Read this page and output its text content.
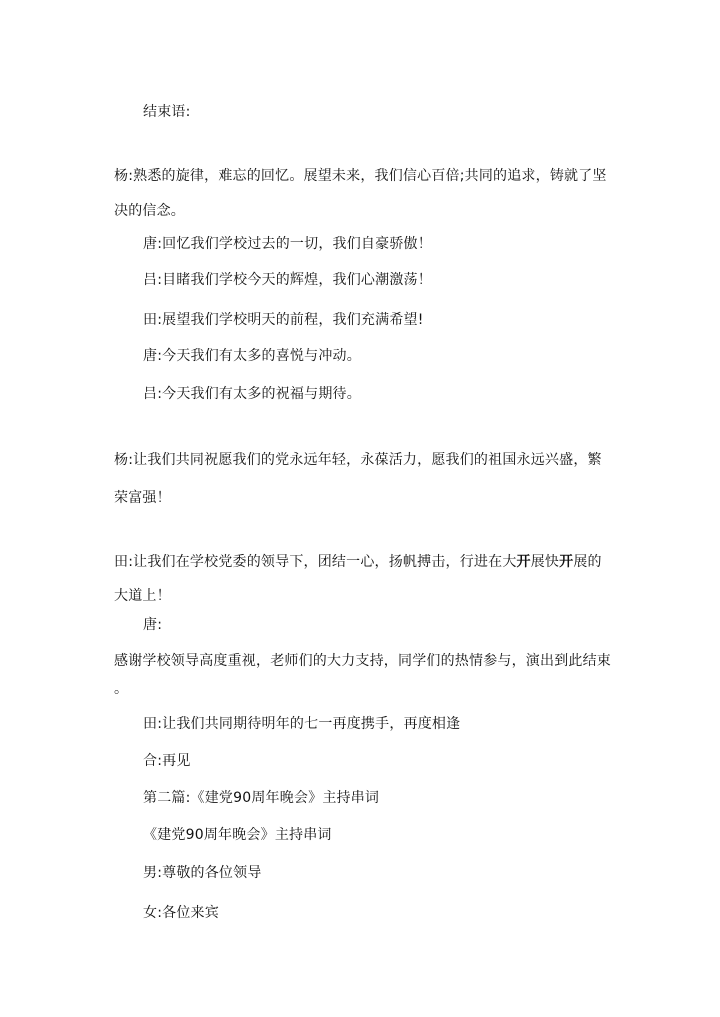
结束语:
杨:熟悉的旋律，难忘的回忆。展望未来，我们信心百倍;共同的追求，铸就了坚
决的信念。
唐:回忆我们学校过去的一切，我们自豪骄傲！
吕:目睹我们学校今天的辉煌，我们心潮激荡！
田:展望我们学校明天的前程，我们充满希望!
唐:今天我们有太多的喜悦与冲动。
吕:今天我们有太多的祝福与期待。
杨:让我们共同祝愿我们的党永远年轻，永葆活力，愿我们的祖国永远兴盛，繁
荣富强！
田:让我们在学校党委的领导下，团结一心，扬帆搏击，行进在大开展快开展的
大道上！
唐:
感谢学校领导高度重视，老师们的大力支持，同学们的热情参与，演出到此结束
。
田:让我们共同期待明年的七一再度携手，再度相逢
合:再见
第二篇:《建党90周年晚会》主持串词
《建党90周年晚会》主持串词
男:尊敬的各位领导
女:各位来宾
